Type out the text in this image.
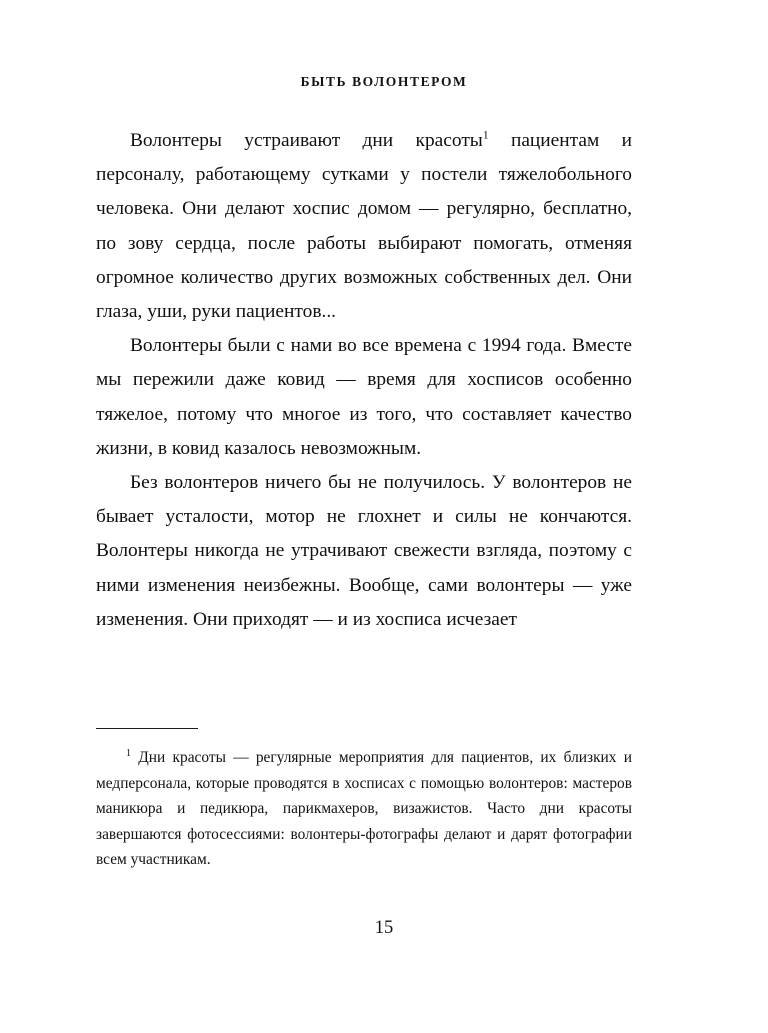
БЫТЬ ВОЛОНТЕРОМ

Волонтеры устраивают дни красоты$^1$ пациентам и персоналу, работающему сутками у постели тяжелобольного человека. Они делают хоспис домом — регулярно, бесплатно, по зову сердца, после работы выбирают помогать, отменяя огромное количество других возможных собственных дел. Они глаза, уши, руки пациентов...

Волонтеры были с нами во все времена с 1994 года. Вместе мы пережили даже ковид — время для хосписов особенно тяжелое, потому что многое из того, что составляет качество жизни, в ковид казалось невозможным.

Без волонтеров ничего бы не получилось. У волонтеров не бывает усталости, мотор не глохнет и силы не кончаются. Волонтеры никогда не утрачивают свежести взгляда, поэтому с ними изменения неизбежны. Вообще, сами волонтеры — уже изменения. Они приходят — и из хосписа исчезает

$^1$ Дни красоты — регулярные мероприятия для пациентов, их близких и медперсонала, которые проводятся в хосписах с помощью волонтеров: мастеров маникюра и педикюра, парикмахеров, визажистов. Часто дни красоты завершаются фотосессиями: волонтеры-фотографы делают и дарят фотографии всем участникам.

15
